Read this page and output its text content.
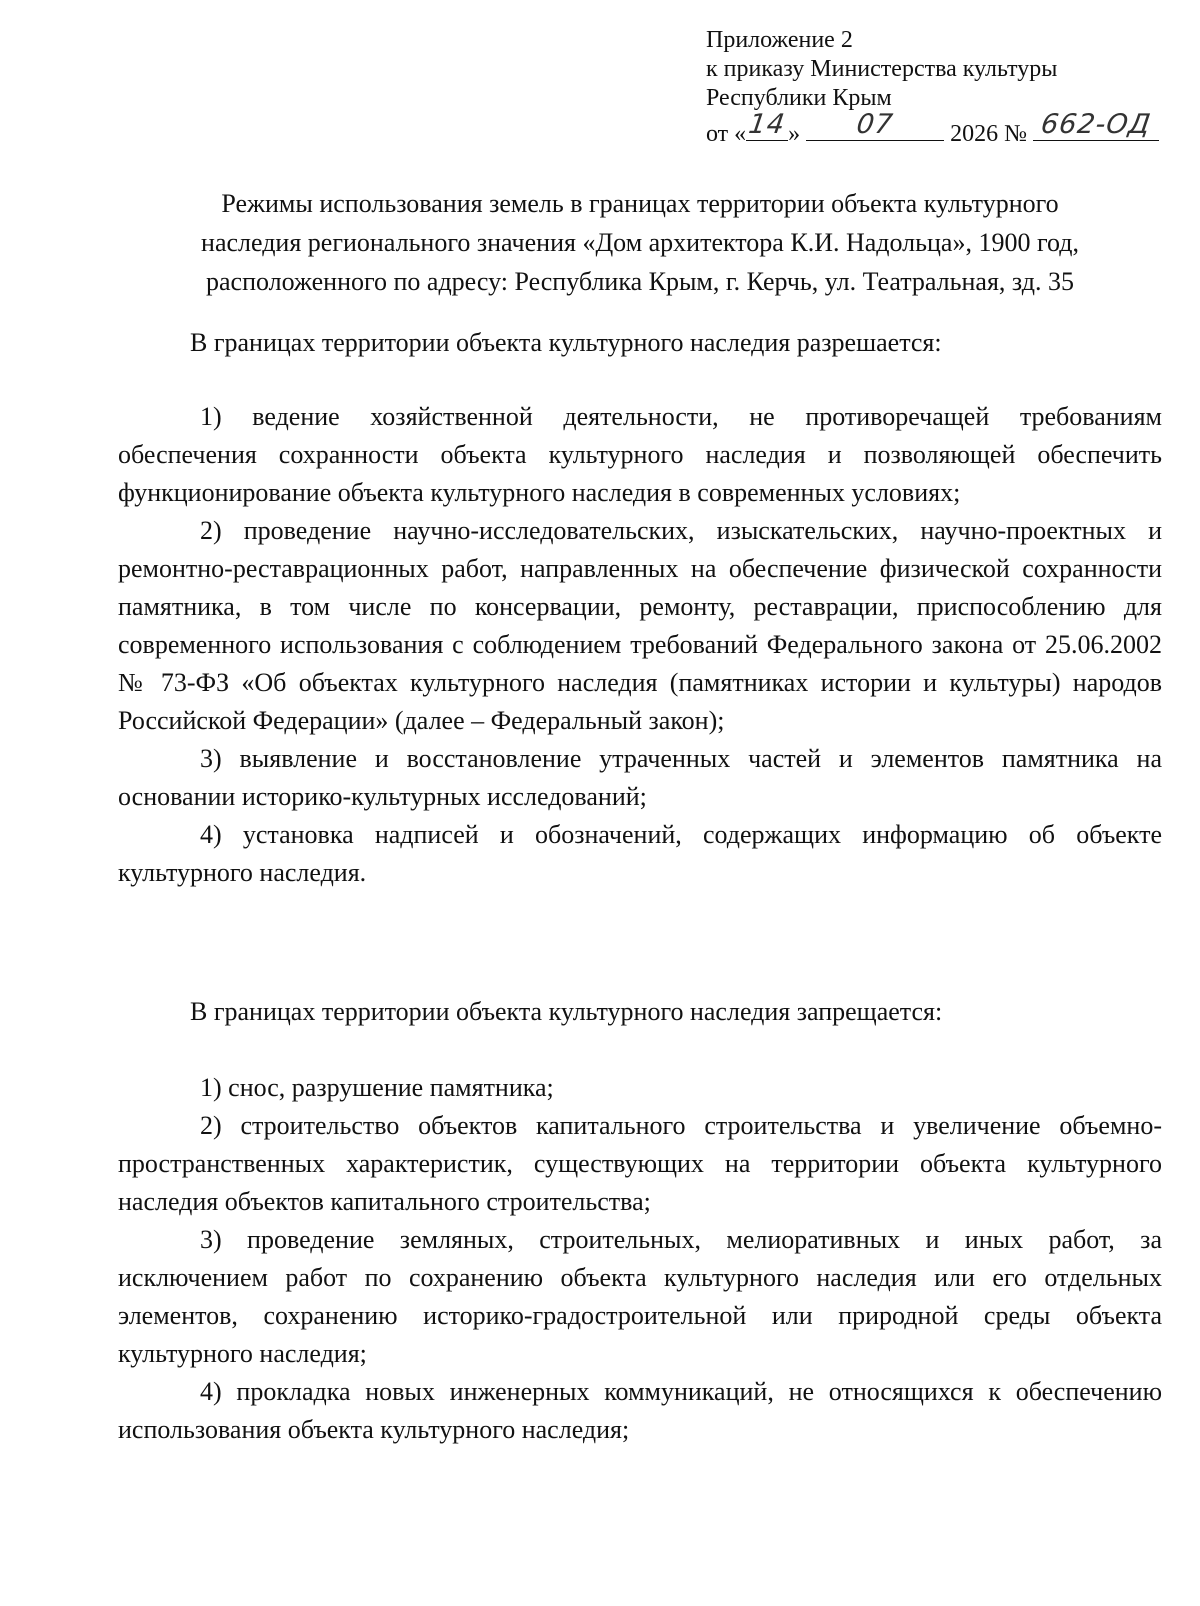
Приложение 2
к приказу Министерства культуры
Республики Крым
от « 14 »	07	2026 № 662-ОД
Режимы использования земель в границах территории объекта культурного
наследия регионального значения «Дом архитектора К.И. Надольца», 1900 год,
расположенного по адресу: Республика Крым, г. Керчь, ул. Театральная, зд. 35
В границах территории объекта культурного наследия разрешается:

1) ведение хозяйственной деятельности, не противоречащей требованиям обеспечения сохранности объекта культурного наследия и позволяющей обеспечить функционирование объекта культурного наследия в современных условиях;

2) проведение научно-исследовательских, изыскательских, научно-проектных и ремонтно-реставрационных работ, направленных на обеспечение физической сохранности памятника, в том числе по консервации, ремонту, реставрации, приспособлению для современного использования с соблюдением требований Федерального закона от 25.06.2002 № 73-ФЗ «Об объектах культурного наследия (памятниках истории и культуры) народов Российской Федерации» (далее – Федеральный закон);

3) выявление и восстановление утраченных частей и элементов памятника на основании историко-культурных исследований;

4) установка надписей и обозначений, содержащих информацию об объекте культурного наследия.

В границах территории объекта культурного наследия запрещается:

1) снос, разрушение памятника;

2) строительство объектов капитального строительства и увеличение объемно-пространственных характеристик, существующих на территории объекта культурного наследия объектов капитального строительства;

3) проведение земляных, строительных, мелиоративных и иных работ, за исключением работ по сохранению объекта культурного наследия или его отдельных элементов, сохранению историко-градостроительной или природной среды объекта культурного наследия;

4) прокладка новых инженерных коммуникаций, не относящихся к обеспечению использования объекта культурного наследия;
